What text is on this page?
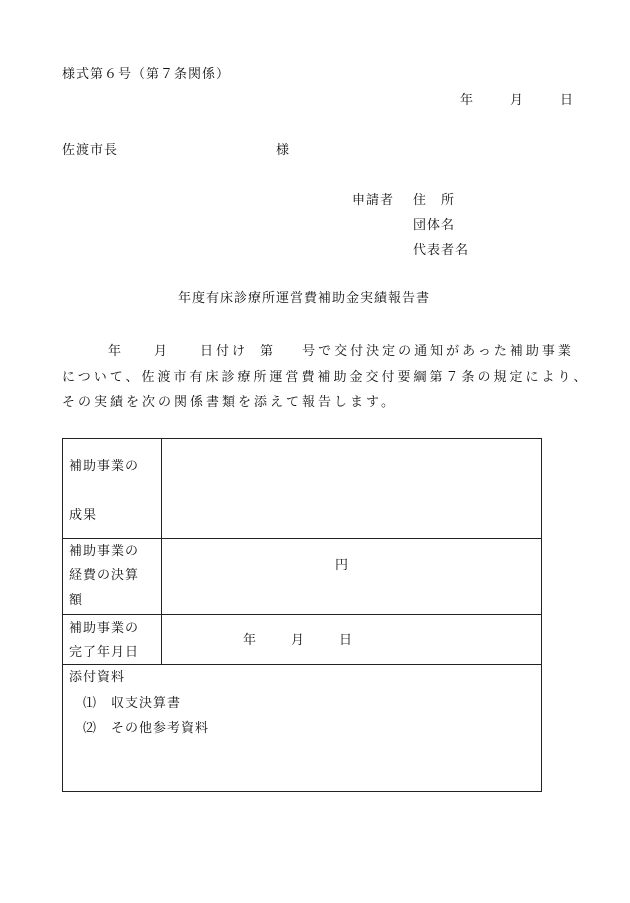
様式第６号（第７条関係）
年	月	日
佐渡市長	様
申請者 住　所
団体名
代表者名
年度有床診療所運営費補助金実績報告書
年 月 日付け 第 号で交付決定の通知があった補助事業
について、佐渡市有床診療所運営費補助金交付要綱第７条の規定により、
その実績を次の関係書類を添えて報告します。
補助事業の
成果	

補助事業の
経費の決算
額	円

補助事業の
完了年月日	年 月 日

添付資料
⑴ 収支決算書
⑵ その他参考資料	
